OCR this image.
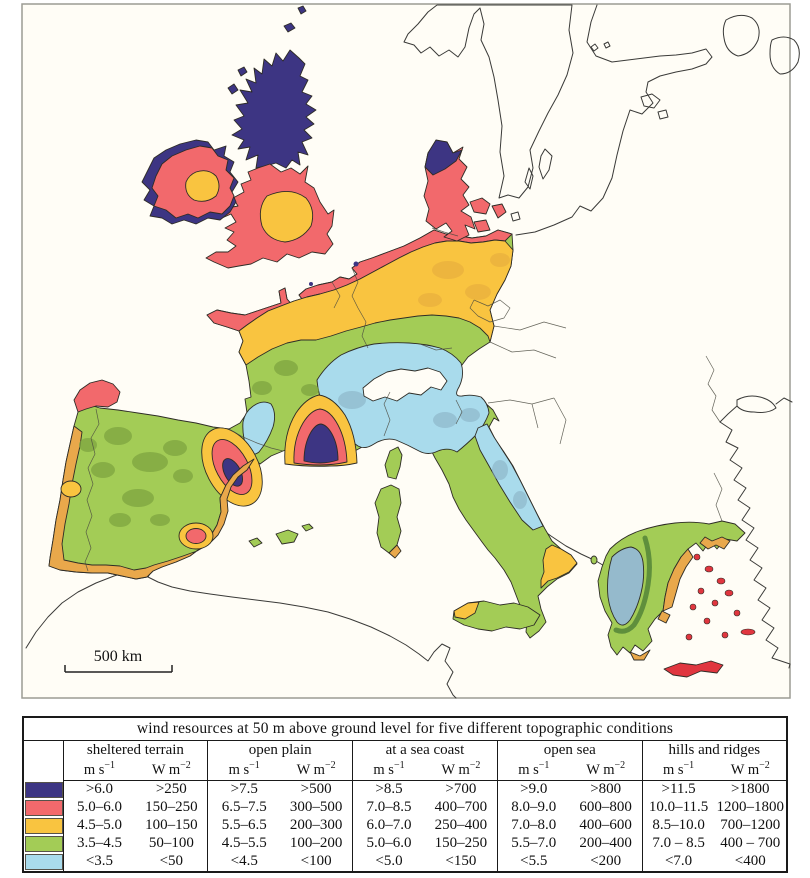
500 km
wind resources at 50 m above ground level for five different topographic conditions										
	sheltered terrain		open plain		at a sea coast		open sea		hills and ridges	
	m $s^{-1}$	W $m^{-2}$	m $s^{-1}$	W $m^{-2}$	m $s^{-1}$	W $m^{-2}$	m $s^{-1}$	W $m^{-2}$	m $s^{-1}$	W $m^{-2}$

	>6.0	>250	>7.5	>500	>8.5	>700	>9.0	>800	>11.5	>1800

	5.0–6.0	150–250	6.5–7.5	300–500	7.0–8.5	400–700	8.0–9.0	600–800	10.0–11.5	1200–1800

	4.5–5.0	100–150	5.5–6.5	200–300	6.0–7.0	250–400	7.0–8.0	400–600	8.5–10.0	700–1200

	3.5–4.5	50–100	4.5–5.5	100–200	5.0–6.0	150–250	5.5–7.0	200–400	7.0 – 8.5	400 – 700

	<3.5	<50	<4.5	<100	<5.0	<150	<5.5	<200	<7.0	<400
